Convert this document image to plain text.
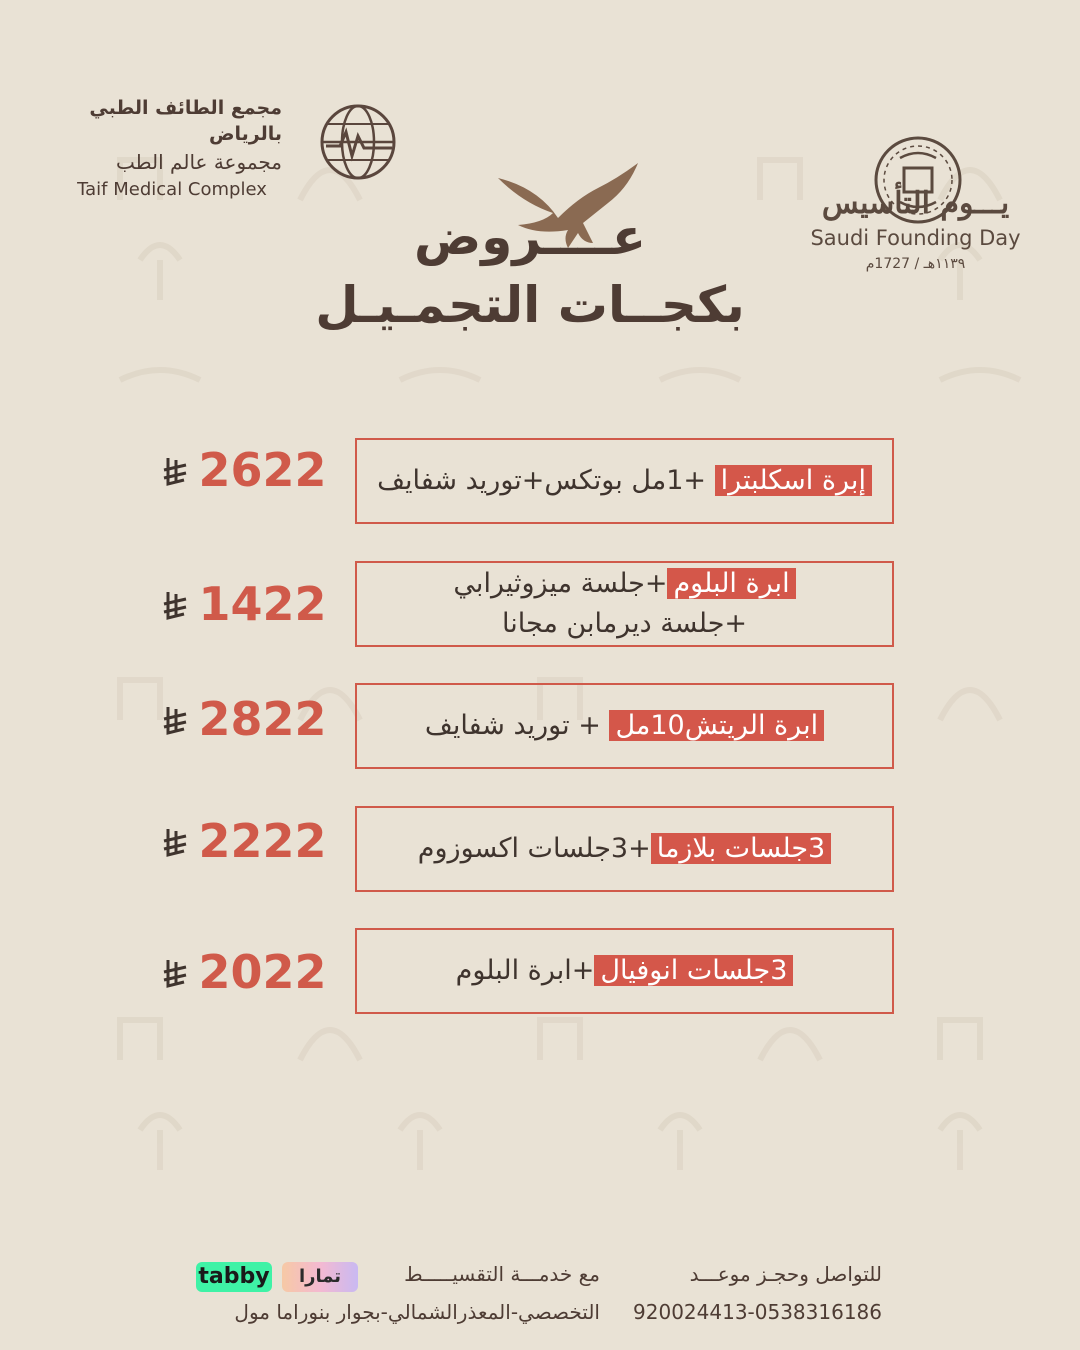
مجمع الطائف الطبي بالرياض
مجموعة عالم الطب
Taif Medical Complex	يـــوم التأسيس
Saudi Founding Day
١١٣٩هـ / 1727م
عــــروض
بكجــات التجمـيـل
إبرة اسكلبترا +1مل بوتكس+توريد شفايف
2622
ابرة البلوم+جلسة ميزوثيرابي
+جلسة ديرمابن مجانا
1422
ابرة الريتش10مل + توريد شفايف
2822
3جلسات بلازما+3جلسات اكسوزوم
2222
3جلسات انوفيال+ابرة البلوم
2022
للتواصل وحجـز موعـــد
920024413-0538316186
مع خدمـــة التقسيـــــط
التخصصي-المعذرالشمالي-بجوار بنوراما مول
tabby	تمارا
